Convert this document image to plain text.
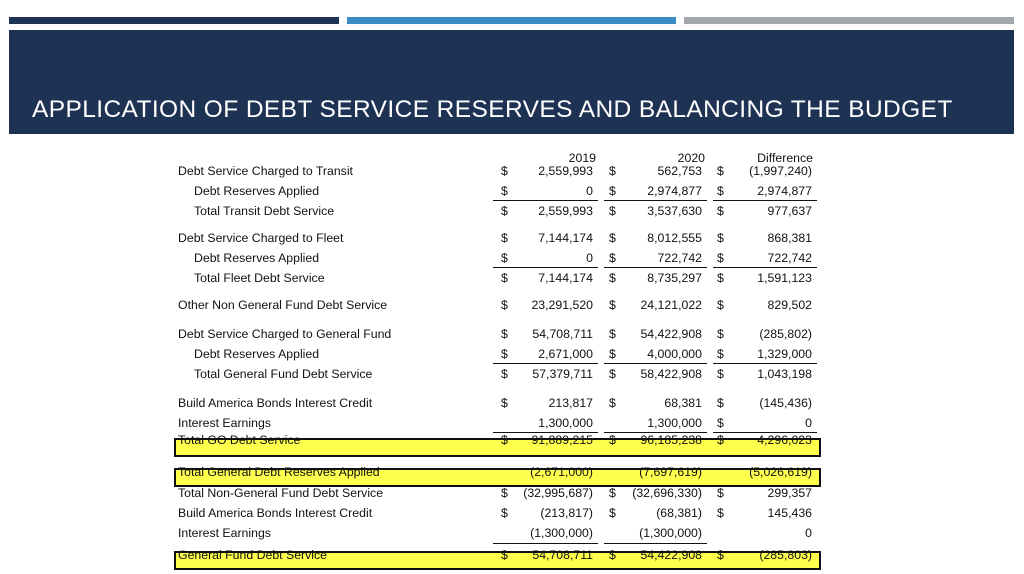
APPLICATION OF DEBT SERVICE RESERVES AND BALANCING THE BUDGET
2019	2020	Difference
Debt Service Charged to Transit	$	2,559,993 $	562,753 $	(1,997,240)
Debt Reserves Applied	$	0 $	2,974,877 $	2,974,877
Total Transit Debt Service	$	2,559,993 $	3,537,630 $	977,637
Debt Service Charged to Fleet	$	7,144,174 $	8,012,555 $	868,381
Debt Reserves Applied	$	0 $	722,742 $	722,742
Total Fleet Debt Service	$	7,144,174 $	8,735,297 $	1,591,123
Other Non General Fund Debt Service	$	23,291,520 $	24,121,022 $	829,502
Debt Service Charged to General Fund	$	54,708,711 $	54,422,908 $	(285,802)
Debt Reserves Applied	$	2,671,000 $	4,000,000 $	1,329,000
Total General Fund Debt Service	$	57,379,711 $	58,422,908 $	1,043,198
Build America Bonds Interest Credit	$	213,817 $	68,381 $	(145,436)
Interest Earnings	1,300,000	1,300,000 $	0
Total GO Debt Service	$	91,889,215 $	96,185,238 $	4,296,023
Total General Debt Reserves Applied	(2,671,000)	(7,697,619)	(5,026,619)
Total Non-General Fund Debt Service	$	(32,995,687) $	(32,696,330) $	299,357
Build America Bonds Interest Credit	$	(213,817) $	(68,381) $	145,436
Interest Earnings	(1,300,000)	(1,300,000)	0
General Fund Debt Service	$	54,708,711 $	54,422,908 $	(285,803)
